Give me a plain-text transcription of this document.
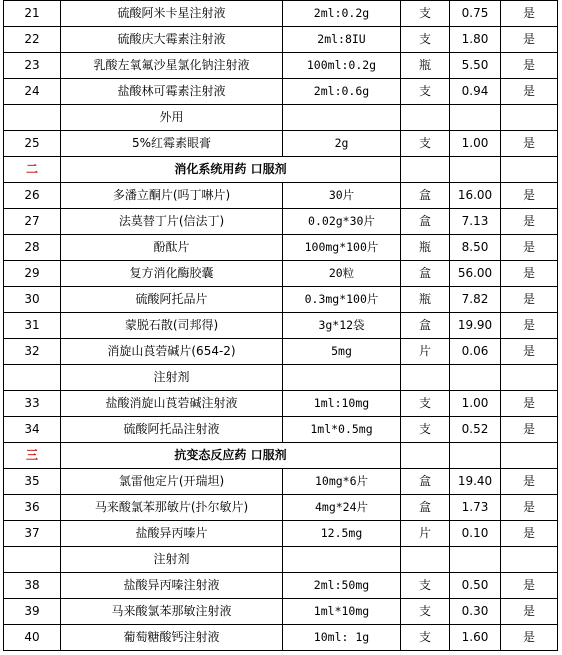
21	硫酸阿米卡星注射液	2ml:0.2g	支	0.75	是
22	硫酸庆大霉素注射液	2ml:8IU	支	1.80	是
23	乳酸左氧氟沙星氯化钠注射液	100ml:0.2g	瓶	5.50	是
24	盐酸林可霉素注射液	2ml:0.6g	支	0.94	是
	外用				
25	5%红霉素眼膏	2g	支	1.00	是
二	消化系统用药 口服剂				
26	多潘立酮片(吗丁啉片)	30片	盒	16.00	是
27	法莫替丁片(信法丁)	0.02g*30片	盒	7.13	是
28	酚酞片	100mg*100片	瓶	8.50	是
29	复方消化酶胶囊	20粒	盒	56.00	是
30	硫酸阿托品片	0.3mg*100片	瓶	7.82	是
31	蒙脱石散(司邦得)	3g*12袋	盒	19.90	是
32	消旋山莨菪碱片(654-2)	5mg	片	0.06	是
	注射剂				
33	盐酸消旋山莨菪碱注射液	1ml:10mg	支	1.00	是
34	硫酸阿托品注射液	1ml*0.5mg	支	0.52	是
三	抗变态反应药 口服剂				
35	氯雷他定片(开瑞坦)	10mg*6片	盒	19.40	是
36	马来酸氯苯那敏片(扑尔敏片)	4mg*24片	盒	1.73	是
37	盐酸异丙嗪片	12.5mg	片	0.10	是
	注射剂				
38	盐酸异丙嗪注射液	2ml:50mg	支	0.50	是
39	马来酸氯苯那敏注射液	1ml*10mg	支	0.30	是
40	葡萄糖酸钙注射液	10ml: 1g	支	1.60	是
